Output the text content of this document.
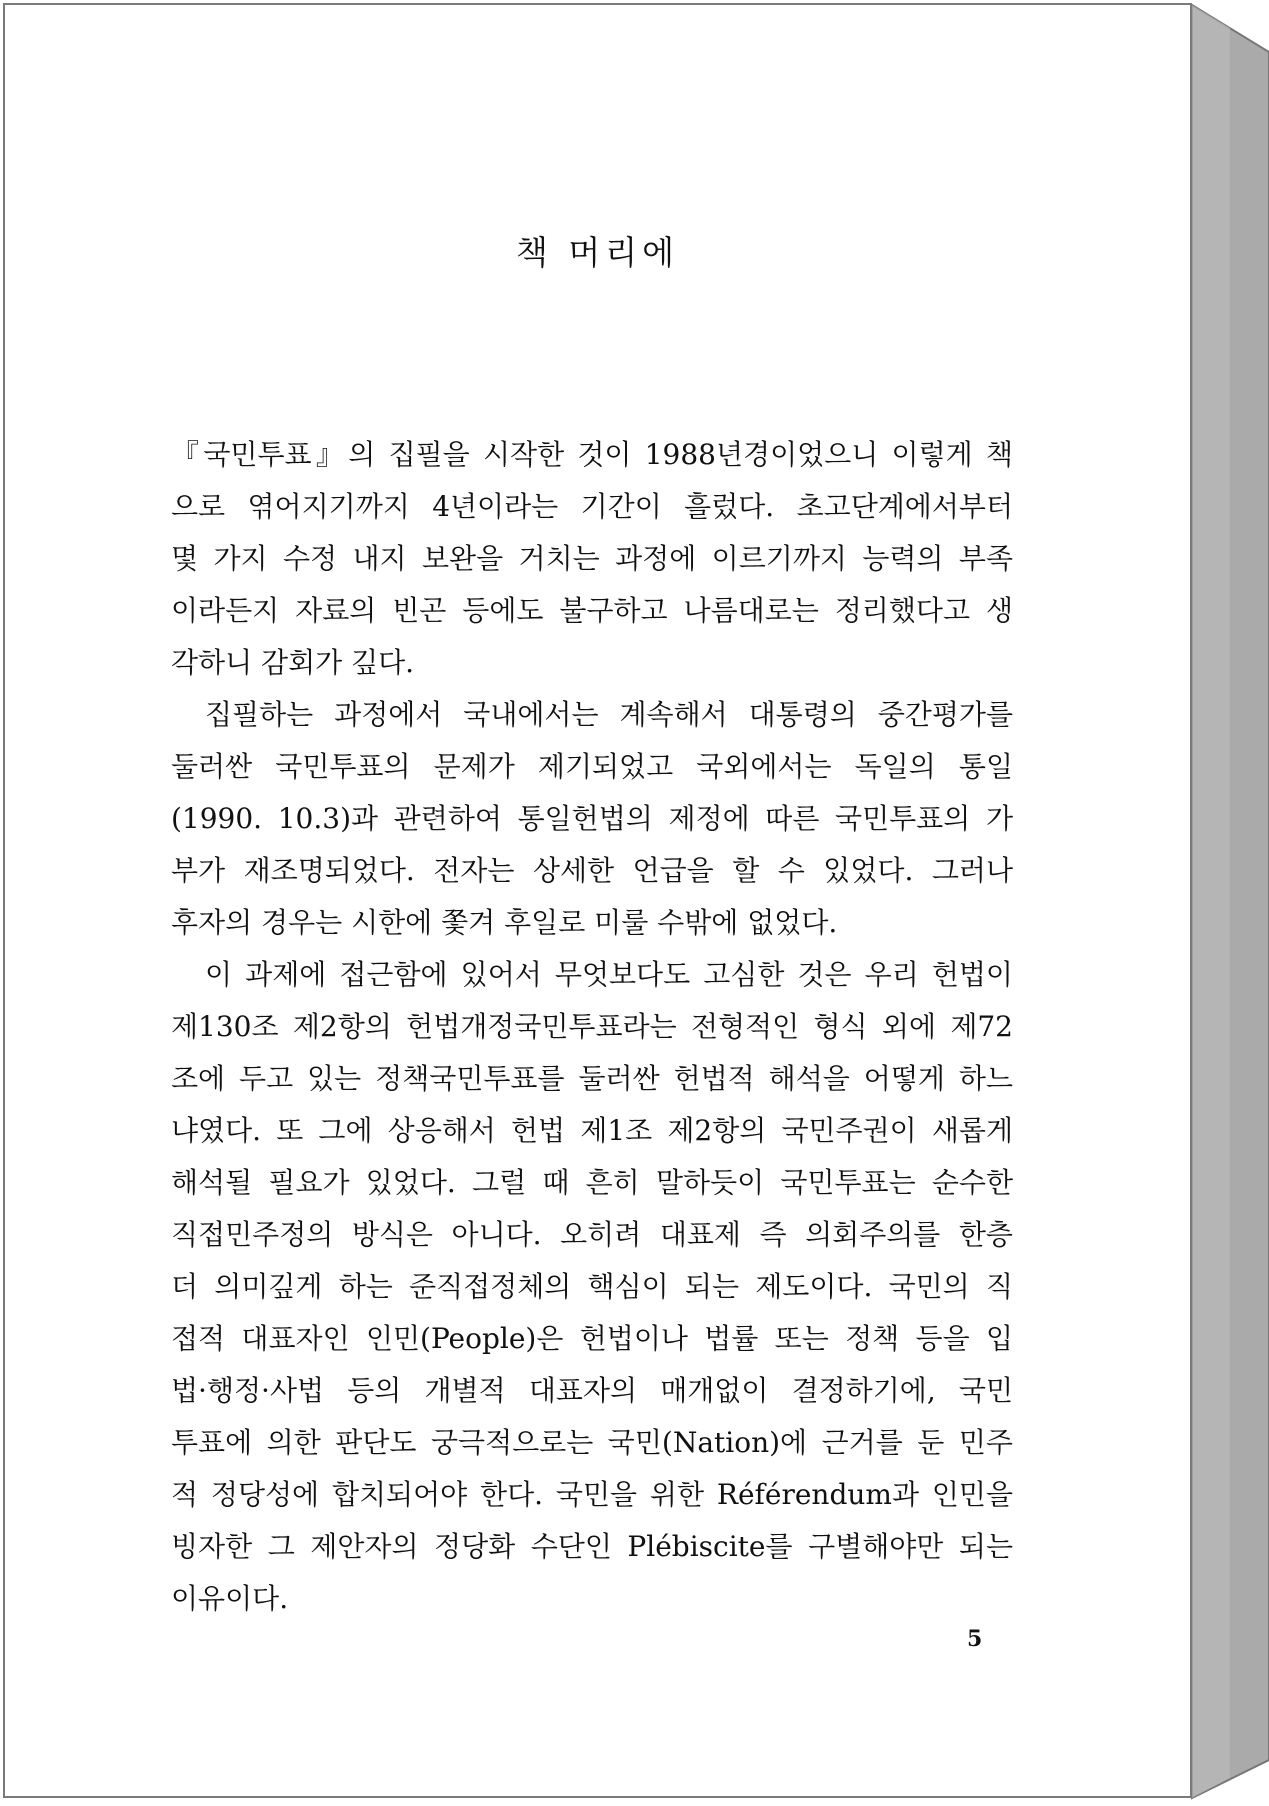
책 머리에
『국민투표』의 집필을 시작한 것이 1988년경이었으니 이렇게 책
으로 엮어지기까지 4년이라는 기간이 흘렀다. 초고단계에서부터
몇 가지 수정 내지 보완을 거치는 과정에 이르기까지 능력의 부족
이라든지 자료의 빈곤 등에도 불구하고 나름대로는 정리했다고 생
각하니 감회가 깊다.
집필하는 과정에서 국내에서는 계속해서 대통령의 중간평가를
둘러싼 국민투표의 문제가 제기되었고 국외에서는 독일의 통일
(1990. 10.3)과 관련하여 통일헌법의 제정에 따른 국민투표의 가
부가 재조명되었다. 전자는 상세한 언급을 할 수 있었다. 그러나
후자의 경우는 시한에 쫓겨 후일로 미룰 수밖에 없었다.
이 과제에 접근함에 있어서 무엇보다도 고심한 것은 우리 헌법이
제130조 제2항의 헌법개정국민투표라는 전형적인 형식 외에 제72
조에 두고 있는 정책국민투표를 둘러싼 헌법적 해석을 어떻게 하느
냐였다. 또 그에 상응해서 헌법 제1조 제2항의 국민주권이 새롭게
해석될 필요가 있었다. 그럴 때 흔히 말하듯이 국민투표는 순수한
직접민주정의 방식은 아니다. 오히려 대표제 즉 의회주의를 한층
더 의미깊게 하는 준직접정체의 핵심이 되는 제도이다. 국민의 직
접적 대표자인 인민(People)은 헌법이나 법률 또는 정책 등을 입
법·행정·사법 등의 개별적 대표자의 매개없이 결정하기에, 국민
투표에 의한 판단도 궁극적으로는 국민(Nation)에 근거를 둔 민주
적 정당성에 합치되어야 한다. 국민을 위한 Référendum과 인민을
빙자한 그 제안자의 정당화 수단인 Plébiscite를 구별해야만 되는
이유이다.
5
